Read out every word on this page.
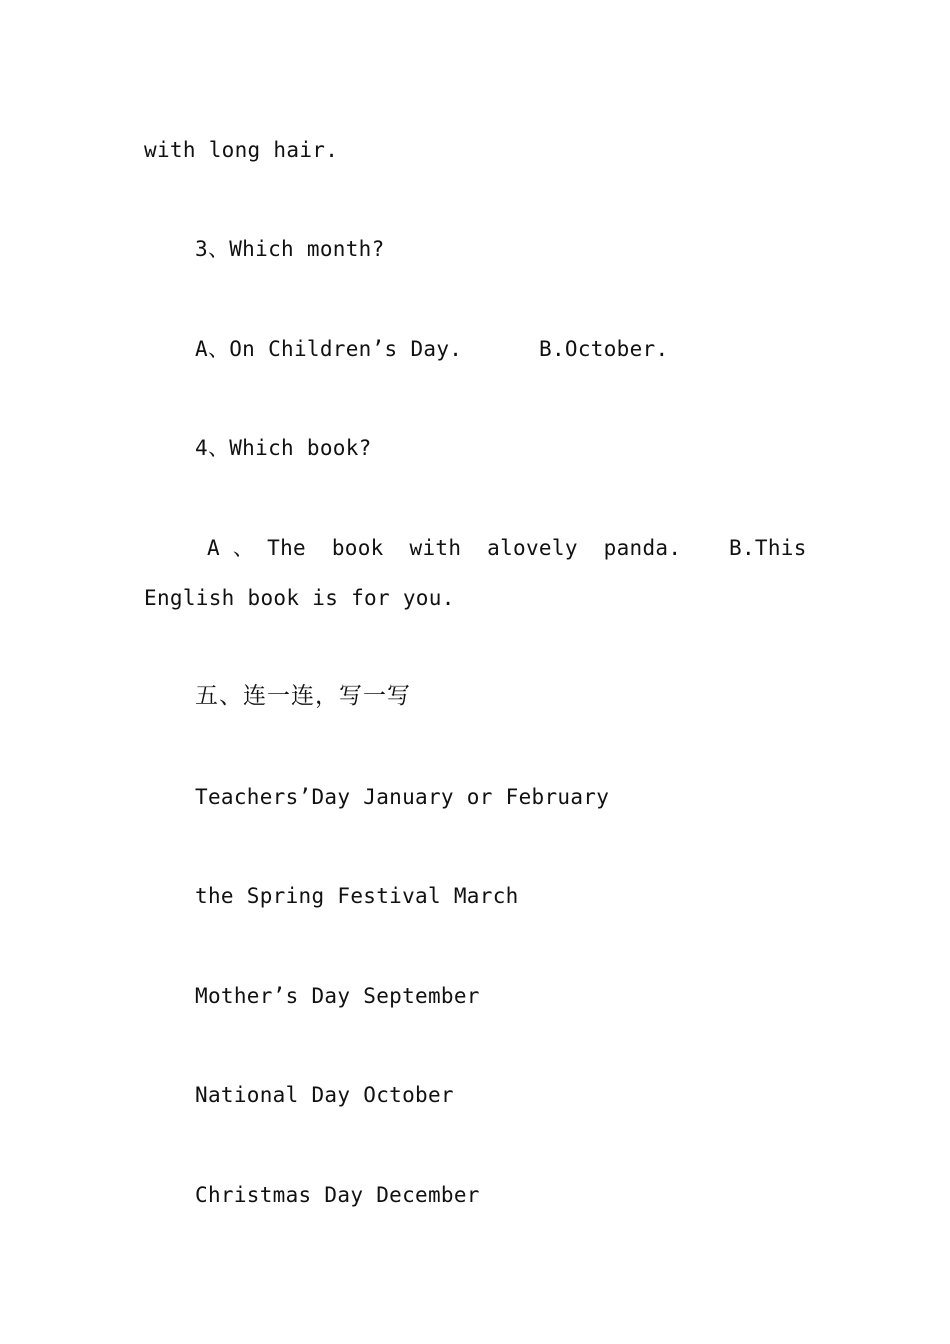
with long hair.
3、Which month?
A、On Children’s Day.	B.October.
4、Which book?
A 、 The  book  with  alovely  panda. B.This
English book is for you.
五、连一连，写一写
Teachers’Day January or February
the Spring Festival March
Mother’s Day September
National Day October
Christmas Day December
